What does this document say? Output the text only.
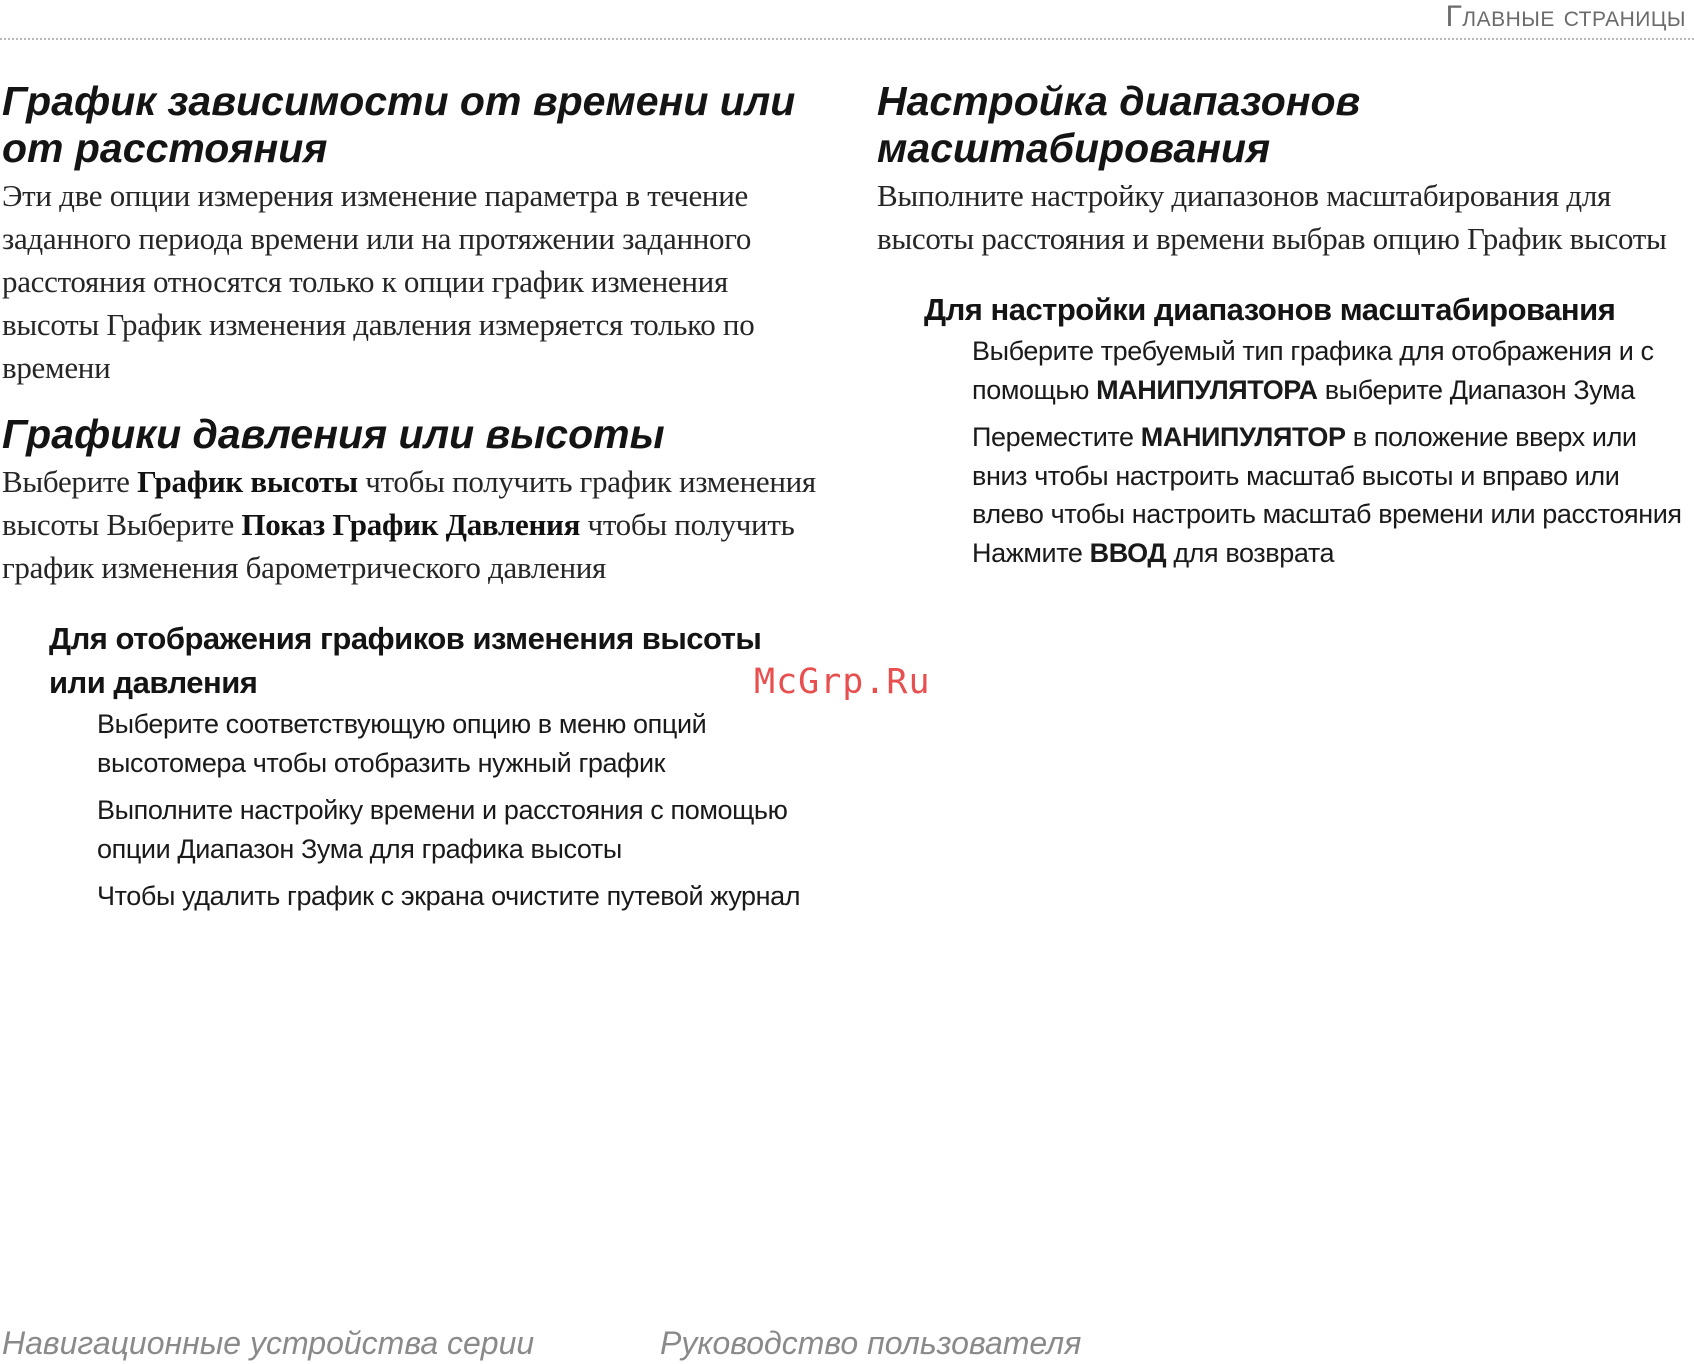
Главные страницы
График зависимости от времени или
от расстояния

Эти две опции измерения изменение параметра в течение заданного периода времени или на протяжении заданного расстояния относятся только к опции график изменения высоты График изменения давления измеряется только по времени

Графики давления или высоты

Выберите График высоты чтобы получить график изменения высоты Выберите Показ График Давления чтобы получить график изменения барометрического давления

Для отображения графиков изменения высоты
или давления
Выберите соответствующую опцию в меню опций высотомера чтобы отобразить нужный график
Выполните настройку времени и расстояния с помощью опции Диапазон Зума для графика высоты
Чтобы удалить график с экрана очистите путевой журнал
Настройка диапазонов
масштабирования

Выполните настройку диапазонов масштабирования для высоты расстояния и времени выбрав опцию График высоты

Для настройки диапазонов масштабирования
Выберите требуемый тип графика для отображения и с помощью МАНИПУЛЯТОРА выберите Диапазон Зума
Переместите МАНИПУЛЯТОР в положение вверх или вниз чтобы настроить масштаб высоты и вправо или влево чтобы настроить масштаб времени или расстояния Нажмите ВВОД для возврата
McGrp.Ru
Навигационные устройства серии	Руководство пользователя
